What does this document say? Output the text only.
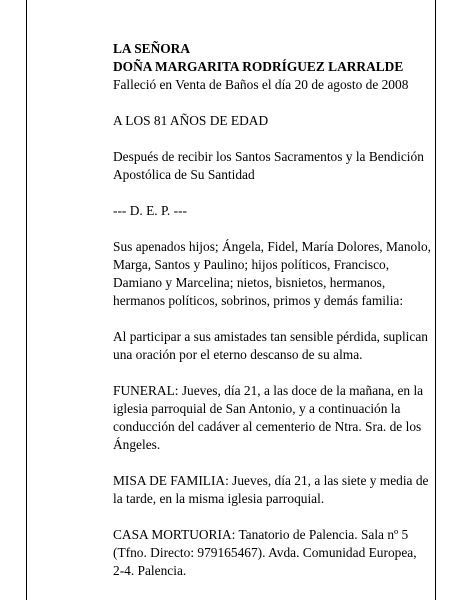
LA SEÑORA

DOÑA MARGARITA RODRÍGUEZ LARRALDE

Falleció en Venta de Baños el día 20 de agosto de 2008

A LOS 81 AÑOS DE EDAD

Después de recibir los Santos Sacramentos y la Bendición Apostólica de Su Santidad

--- D. E. P. ---

Sus apenados hijos; Ángela, Fidel, María Dolores, Manolo, Marga, Santos y Paulino; hijos políticos, Francisco, Damiano y Marcelina; nietos, bisnietos, hermanos, hermanos políticos, sobrinos, primos y demás familia:

Al participar a sus amistades tan sensible pérdida, suplican una oración por el eterno descanso de su alma.

FUNERAL: Jueves, día 21, a las doce de la mañana, en la iglesia parroquial de San Antonio, y a continuación la conducción del cadáver al cementerio de Ntra. Sra. de los Ángeles.

MISA DE FAMILIA: Jueves, día 21, a las siete y media de la tarde, en la misma iglesia parroquial.

CASA MORTUORIA: Tanatorio de Palencia. Sala nº 5 (Tfno. Directo: 979165467). Avda. Comunidad Europea, 2-4. Palencia.
